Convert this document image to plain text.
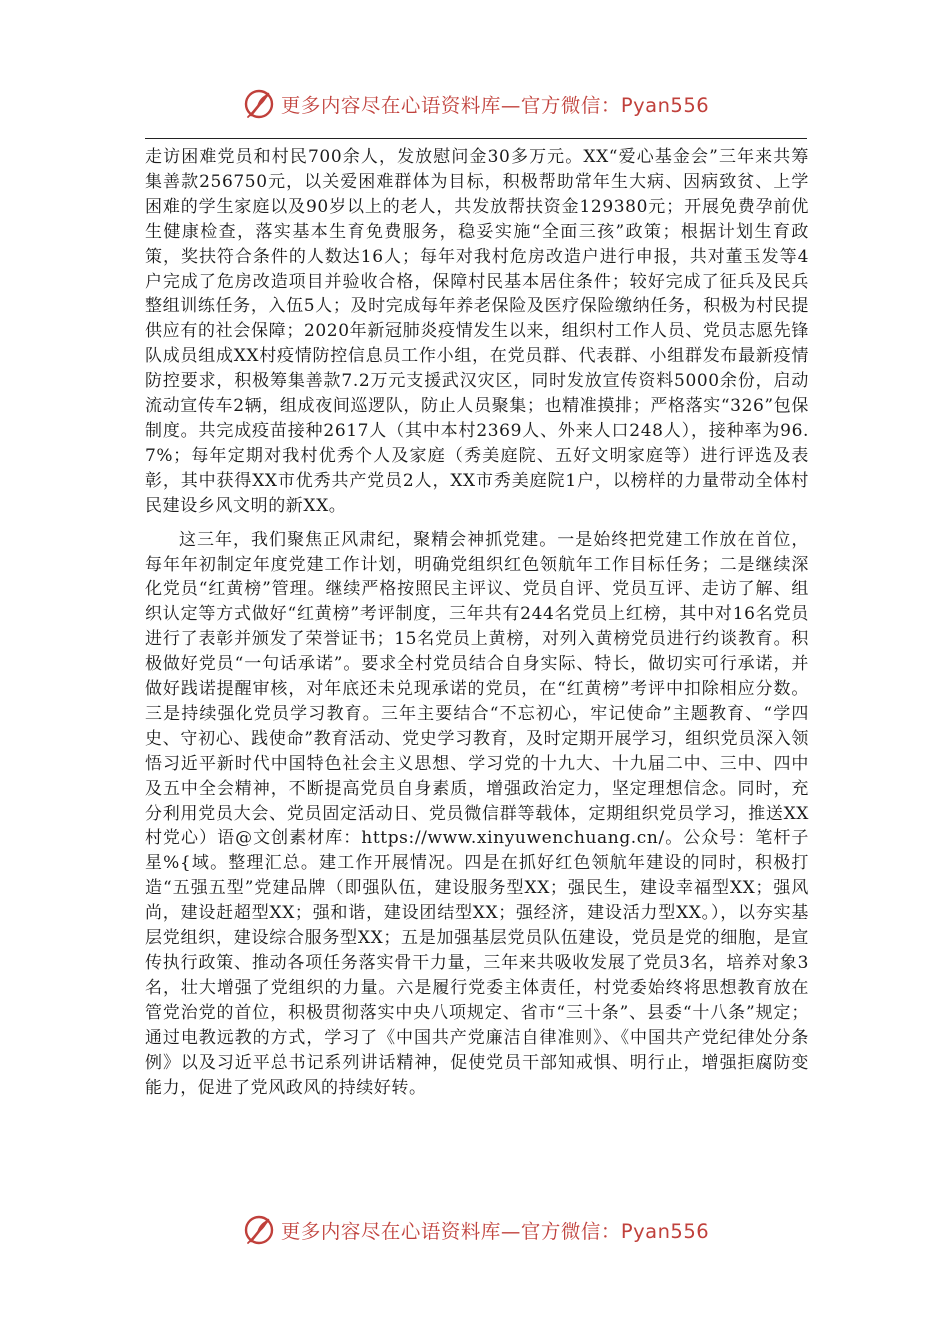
更多内容尽在心语资料库—官方微信：Pyan556

走访困难党员和村民700余人，发放慰问金30多万元。XX“爱心基金会”三年来共筹集善款256750元，以关爱困难群体为目标，积极帮助常年生大病、因病致贫、上学困难的学生家庭以及90岁以上的老人，共发放帮扶资金129380元；开展免费孕前优生健康检查，落实基本生育免费服务，稳妥实施“全面三孩”政策；根据计划生育政策，奖扶符合条件的人数达16人；每年对我村危房改造户进行申报，共对董玉发等4户完成了危房改造项目并验收合格，保障村民基本居住条件；较好完成了征兵及民兵整组训练任务，入伍5人；及时完成每年养老保险及医疗保险缴纳任务，积极为村民提供应有的社会保障；2020年新冠肺炎疫情发生以来，组织村工作人员、党员志愿先锋队成员组成XX村疫情防控信息员工作小组，在党员群、代表群、小组群发布最新疫情防控要求，积极筹集善款7.2万元支援武汉灾区，同时发放宣传资料5000余份，启动流动宣传车2辆，组成夜间巡逻队，防止人员聚集；也精准摸排；严格落实“326”包保制度。共完成疫苗接种2617人（其中本村2369人、外来人口248人），接种率为96.7%；每年定期对我村优秀个人及家庭（秀美庭院、五好文明家庭等）进行评选及表彰，其中获得XX市优秀共产党员2人，XX市秀美庭院1户，以榜样的力量带动全体村民建设乡风文明的新XX。

这三年，我们聚焦正风肃纪，聚精会神抓党建。一是始终把党建工作放在首位，每年年初制定年度党建工作计划，明确党组织红色领航年工作目标任务；二是继续深化党员“红黄榜”管理。继续严格按照民主评议、党员自评、党员互评、走访了解、组织认定等方式做好“红黄榜”考评制度，三年共有244名党员上红榜，其中对16名党员进行了表彰并颁发了荣誉证书；15名党员上黄榜，对列入黄榜党员进行约谈教育。积极做好党员“一句话承诺”。要求全村党员结合自身实际、特长，做切实可行承诺，并做好践诺提醒审核，对年底还未兑现承诺的党员，在“红黄榜”考评中扣除相应分数。三是持续强化党员学习教育。三年主要结合“不忘初心，牢记使命”主题教育、“学四史、守初心、践使命”教育活动、党史学习教育，及时定期开展学习，组织党员深入领悟习近平新时代中国特色社会主义思想、学习党的十九大、十九届二中、三中、四中及五中全会精神，不断提高党员自身素质，增强政治定力，坚定理想信念。同时，充分利用党员大会、党员固定活动日、党员微信群等载体，定期组织党员学习，推送XX村党心）语@文创素材库：https://www.xinyuwenchuang.cn/。公众号：笔杆子星%{域。整理汇总。建工作开展情况。四是在抓好红色领航年建设的同时，积极打造“五强五型”党建品牌（即强队伍，建设服务型XX；强民生，建设幸福型XX；强风尚，建设赶超型XX；强和谐，建设团结型XX；强经济，建设活力型XX。），以夯实基层党组织，建设综合服务型XX；五是加强基层党员队伍建设，党员是党的细胞，是宣传执行政策、推动各项任务落实骨干力量，三年来共吸收发展了党员3名，培养对象3名，壮大增强了党组织的力量。六是履行党委主体责任，村党委始终将思想教育放在管党治党的首位，积极贯彻落实中央八项规定、省市“三十条”、县委“十八条”规定；通过电教远教的方式，学习了《中国共产党廉洁自律准则》、《中国共产党纪律处分条例》以及习近平总书记系列讲话精神，促使党员干部知戒惧、明行止，增强拒腐防变能力，促进了党风政风的持续好转。

更多内容尽在心语资料库—官方微信：Pyan556
